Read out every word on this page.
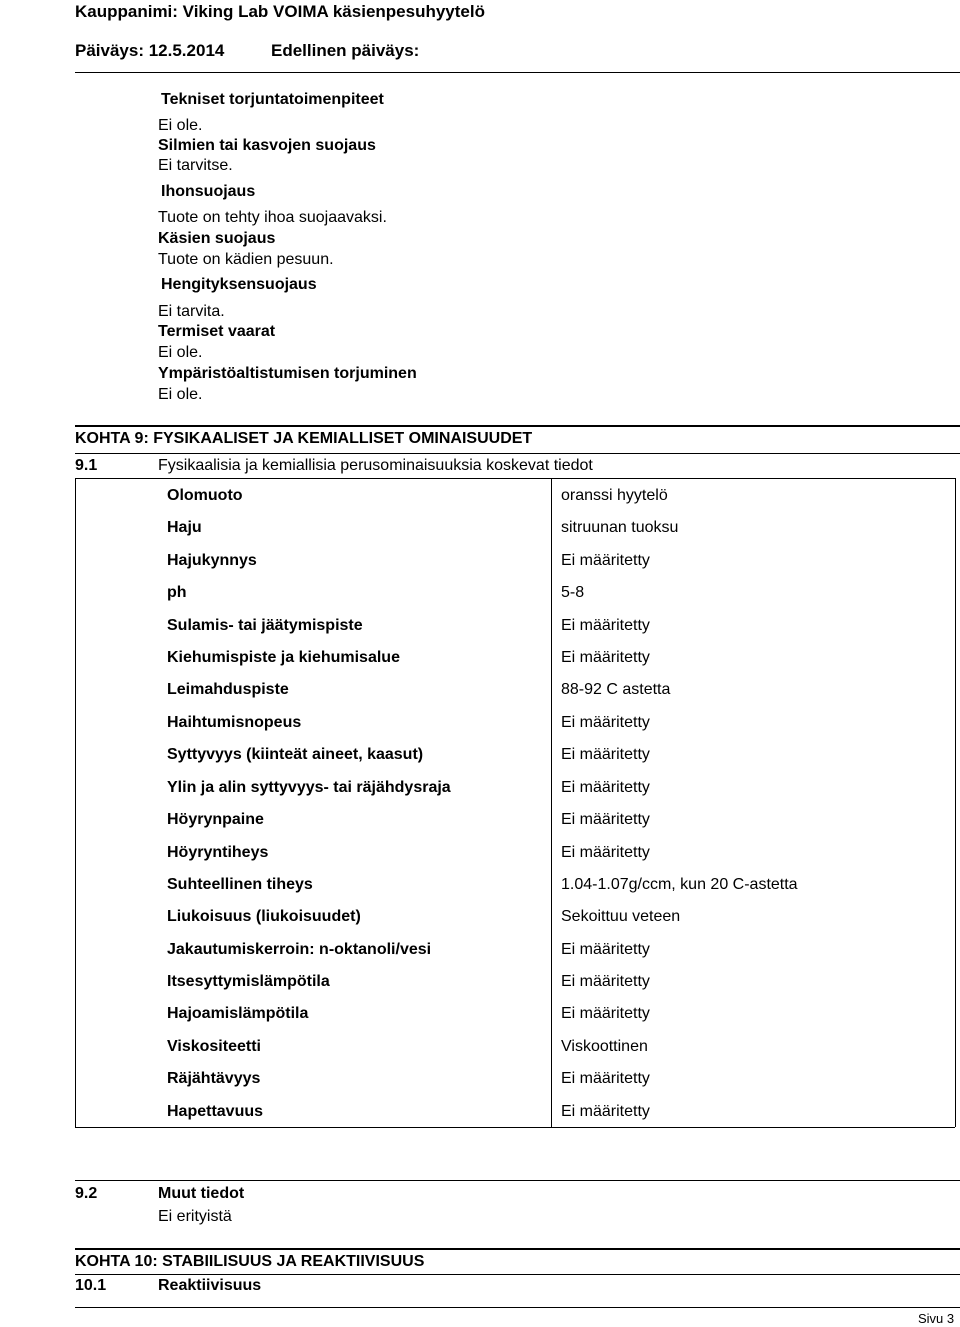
Kauppanimi: Viking Lab VOIMA käsienpesuhyytelö
Päiväys: 12.5.2014	Edellinen päiväys:
Tekniset torjuntatoimenpiteet
Ei ole.
Silmien tai kasvojen suojaus
Ei tarvitse.
Ihonsuojaus
Tuote on tehty ihoa suojaavaksi.
Käsien suojaus
Tuote on kädien pesuun.
Hengityksensuojaus
Ei tarvita.
Termiset vaarat
Ei ole.
Ympäristöaltistumisen torjuminen
Ei ole.
KOHTA 9: FYSIKAALISET JA KEMIALLISET OMINAISUUDET
9.1	Fysikaalisia ja kemiallisia perusominaisuuksia koskevat tiedot
Olomuoto	oranssi hyytelö
Haju	sitruunan tuoksu
Hajukynnys	Ei määritetty
ph	5-8
Sulamis- tai jäätymispiste	Ei määritetty
Kiehumispiste ja kiehumisalue	Ei määritetty
Leimahduspiste	88-92 C astetta
Haihtumisnopeus	Ei määritetty
Syttyvyys (kiinteät aineet, kaasut)	Ei määritetty
Ylin ja alin syttyvyys- tai räjähdysraja	Ei määritetty
Höyrynpaine	Ei määritetty
Höyryntiheys	Ei määritetty
Suhteellinen tiheys	1.04-1.07g/ccm, kun 20 C-astetta
Liukoisuus (liukoisuudet)	Sekoittuu veteen
Jakautumiskerroin: n-oktanoli/vesi	Ei määritetty
Itsesyttymislämpötila	Ei määritetty
Hajoamislämpötila	Ei määritetty
Viskositeetti	Viskoottinen
Räjähtävyys	Ei määritetty
Hapettavuus	Ei määritetty
9.2	Muut tiedot
Ei erityistä
KOHTA 10: STABIILISUUS JA REAKTIIVISUUS
10.1	Reaktiivisuus
Sivu 3
